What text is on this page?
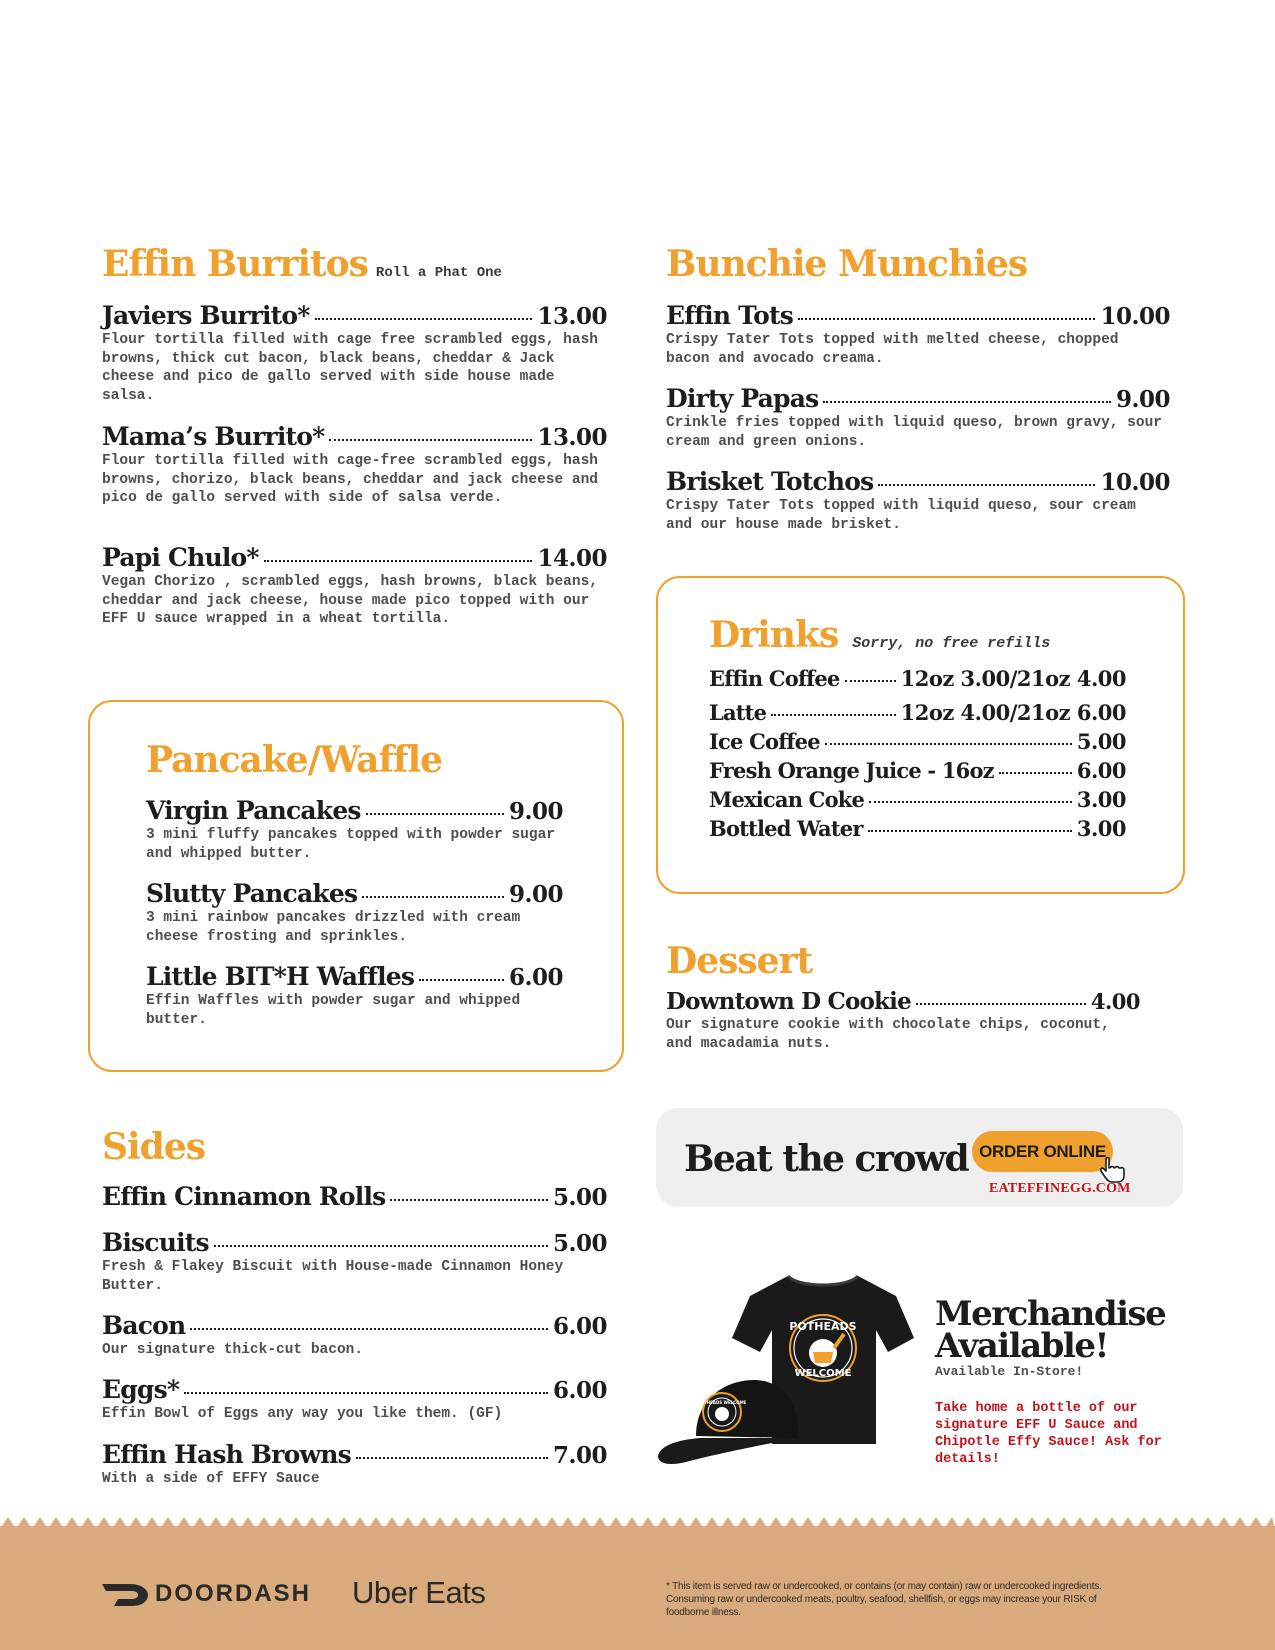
Effin Burritos Roll a Phat One
Javiers Burrito*	13.00
Flour tortilla filled with cage free scrambled eggs, hash browns, thick cut bacon, black beans, cheddar & Jack cheese and pico de gallo served with side house made salsa.
Mama’s Burrito*	13.00
Flour tortilla filled with cage-free scrambled eggs, hash browns, chorizo, black beans, cheddar and jack cheese and pico de gallo served with side of salsa verde.
Papi Chulo*	14.00
Vegan Chorizo , scrambled eggs, hash browns, black beans, cheddar and jack cheese, house made pico topped with our EFF U sauce wrapped in a wheat tortilla.
Bunchie Munchies
Effin Tots	10.00
Crispy Tater Tots topped with melted cheese, chopped bacon and avocado creama.
Dirty Papas	9.00
Crinkle fries topped with liquid queso, brown gravy, sour cream and green onions.
Brisket Totchos	10.00
Crispy Tater Tots topped with liquid queso, sour cream and our house made brisket.
Pancake/Waffle
Virgin Pancakes	9.00
3 mini fluffy pancakes topped with powder sugar and whipped butter.
Slutty Pancakes	9.00
3 mini rainbow pancakes drizzled with cream cheese frosting and sprinkles.
Little BIT*H Waffles	6.00
Effin Waffles with powder sugar and whipped butter.
Drinks Sorry, no free refills
Effin Coffee	12oz 3.00/21oz 4.00
Latte	12oz 4.00/21oz 6.00
Ice Coffee	5.00
Fresh Orange Juice - 16oz	6.00
Mexican Coke	3.00
Bottled Water	3.00
Dessert
Downtown D Cookie	4.00
Our signature cookie with chocolate chips, coconut, and macadamia nuts.
Sides
Effin Cinnamon Rolls	5.00
Biscuits	5.00
Fresh & Flakey Biscuit with House-made Cinnamon Honey Butter.
Bacon	6.00
Our signature thick-cut bacon.
Eggs*	6.00
Effin Bowl of Eggs any way you like them. (GF)
Effin Hash Browns	7.00
With a side of EFFY Sauce
Beat the crowd ORDER ONLINE
EATEFFINEGG.COM
POTHEADS
WELCOME
POTHEADS WELCOME
Merchandise
Available!
Available In-Store!
Take home a bottle of our signature EFF U Sauce and Chipotle Effy Sauce! Ask for details!
DOORDASH Uber Eats	* This item is served raw or undercooked, or contains (or may contain) raw or undercooked ingredients. Consuming raw or undercooked meats, poultry, seafood, shellfish, or eggs may increase your RISK of foodborne illness.
